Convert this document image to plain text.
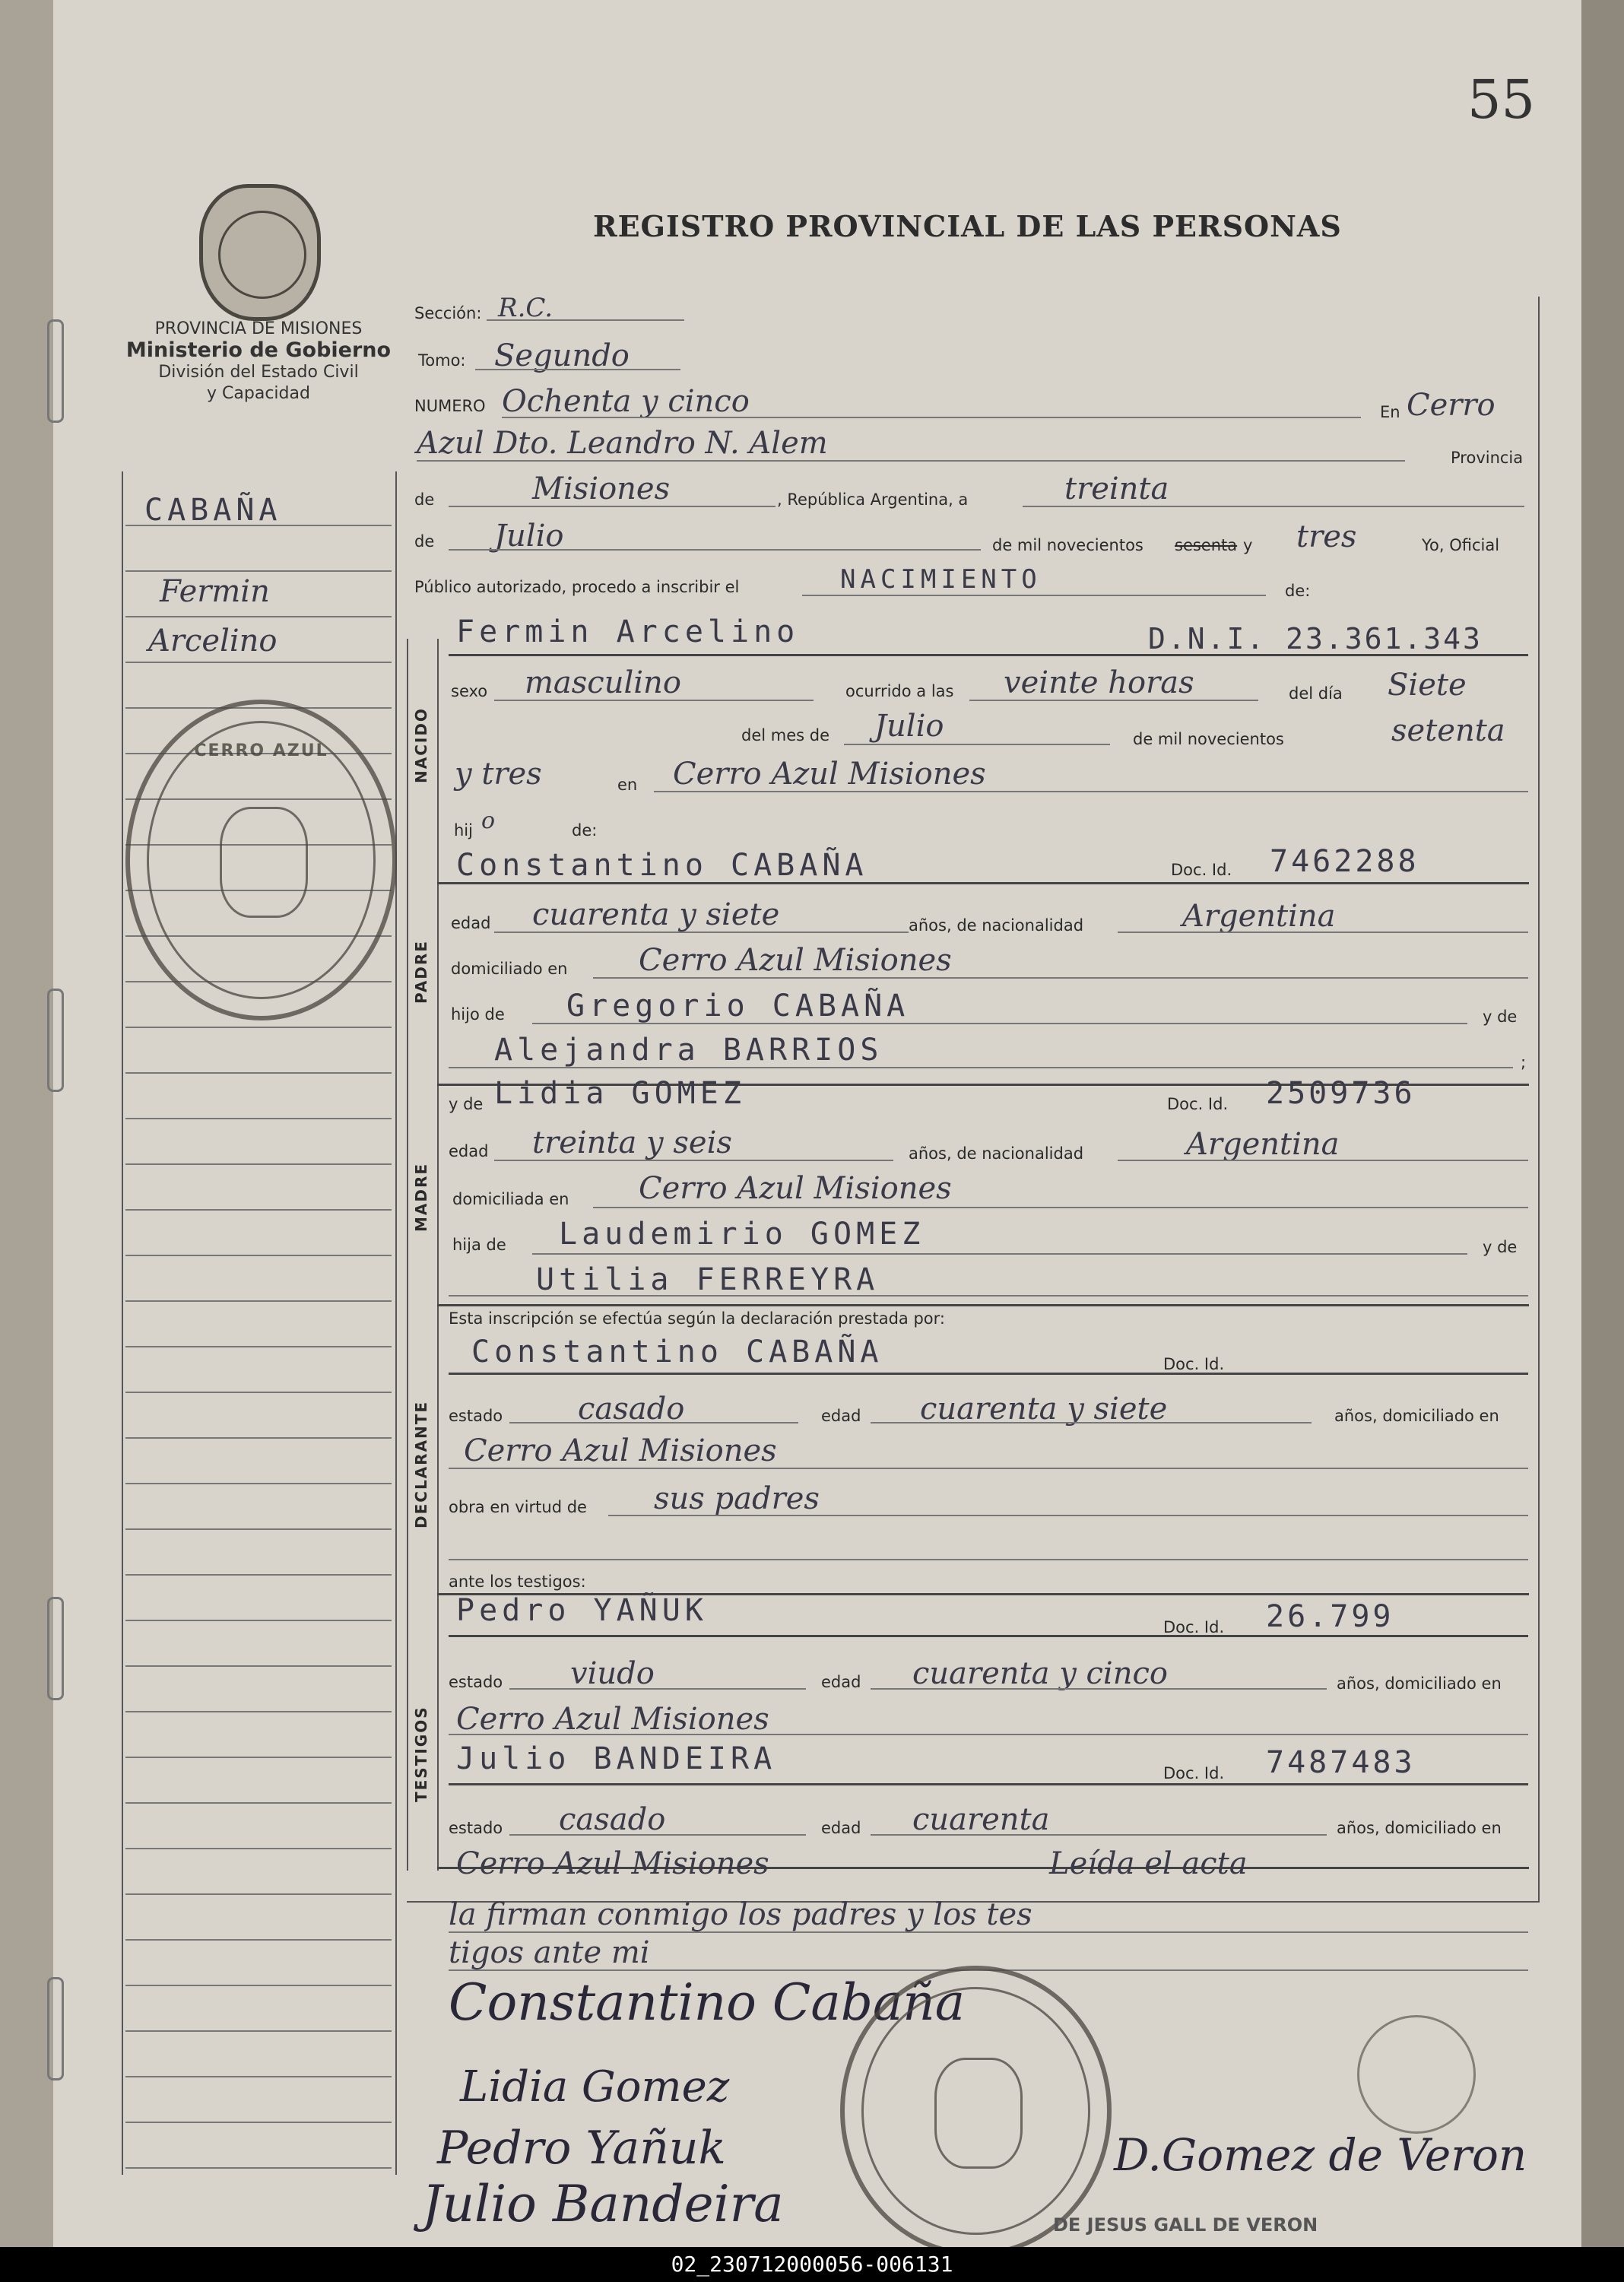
55
REGISTRO PROVINCIAL DE LAS PERSONAS
PROVINCIA DE MISIONES
Ministerio de Gobierno
División del Estado Civil
y Capacidad
CABAÑA
Fermin
Arcelino
CERRO AZUL	NACIDO
PADRE
MADRE
DECLARANTE
TESTIGOS
Sección: R.C.
Tomo: Segundo
NUMERO Ochenta y cinco	En Cerro
Azul Dto. Leandro N. Alem	Provincia
de	Misiones	, República Argentina, a	treinta
de Julio	de mil novecientos sesenta y tres	Yo, Oficial
Público autorizado, procedo a inscribir el	NACIMIENTO	de:
Fermin Arcelino	D.N.I. 23.361.343
sexo masculino	ocurrido a las veinte horas	del día Siete
del mes de Julio	de mil novecientos	setenta
y tres	en Cerro Azul Misiones
hij o	de:
Constantino CABAÑA	Doc. Id. 7462288
edad cuarenta y siete	años, de nacionalidad	Argentina
domiciliado en Cerro Azul Misiones
hijo de Gregorio CABAÑA	y de
Alejandra BARRIOS	;
y de Lidia GOMEZ	Doc. Id. 2509736
edad treinta y seis	años, de nacionalidad	Argentina
domiciliada en Cerro Azul Misiones
hija de Laudemirio GOMEZ	y de
Utilia FERREYRA
Esta inscripción se efectúa según la declaración prestada por:
Constantino CABAÑA	Doc. Id.
estado casado	edad cuarenta y siete	años, domiciliado en
Cerro Azul Misiones
obra en virtud de sus padres
ante los testigos:
Pedro YAÑUK	Doc. Id. 26.799
estado viudo	edad cuarenta y cinco	años, domiciliado en
Cerro Azul Misiones
Julio BANDEIRA	Doc. Id. 7487483
estado casado	edad cuarenta	años, domiciliado en
Cerro Azul Misiones	Leída el acta
la firman conmigo los padres y los tes
tigos ante mi
Constantino Cabaña
Lidia Gomez
Pedro Yañuk
Julio Bandeira
D.Gomez de Veron
DE JESUS GALL DE VERON
02_230712000056-006131
